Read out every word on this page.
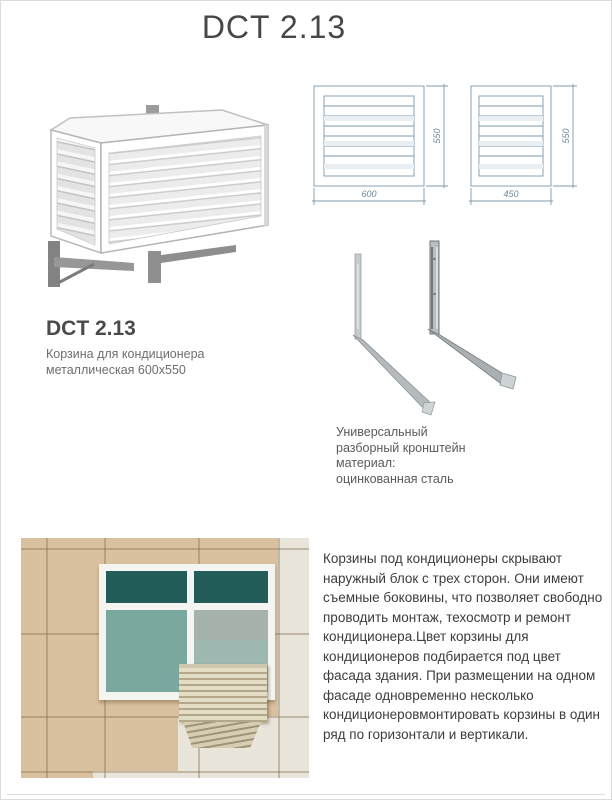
DCT 2.13
550
600
550
450

DCT 2.13

Корзина для кондиционера

металлическая 600x550

Универсальный
разборный кронштейн
материал:
оцинкованная сталь
Корзины под кондиционеры скрывают наружный блок с трех сторон. Они имеют съемные боковины, что позволяет свободно проводить монтаж, техосмотр и ремонт кондиционера.Цвет корзины для кондиционеров подбирается под цвет фасада здания. При размещении на одном фасаде одновременно несколько кондиционеровмонтировать корзины в один ряд по горизонтали и вертикали.
